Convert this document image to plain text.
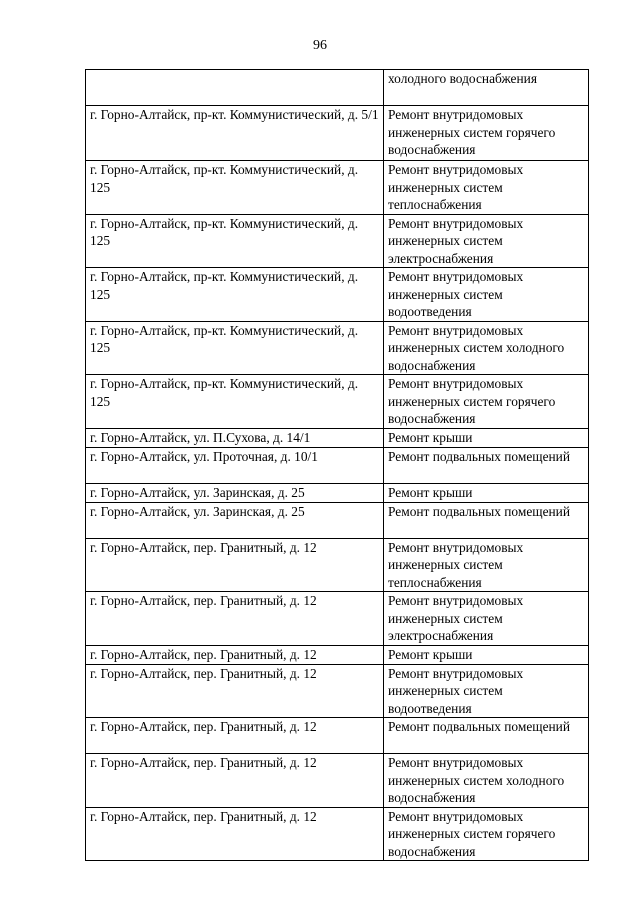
96
	холодного водоснабжения
г. Горно-Алтайск, пр-кт. Коммунистический, д. 5/1	Ремонт внутридомовых инженерных систем горячего водоснабжения
г. Горно-Алтайск, пр-кт. Коммунистический, д. 125	Ремонт внутридомовых инженерных систем теплоснабжения
г. Горно-Алтайск, пр-кт. Коммунистический, д. 125	Ремонт внутридомовых инженерных систем электроснабжения
г. Горно-Алтайск, пр-кт. Коммунистический, д. 125	Ремонт внутридомовых инженерных систем водоотведения
г. Горно-Алтайск, пр-кт. Коммунистический, д. 125	Ремонт внутридомовых инженерных систем холодного водоснабжения
г. Горно-Алтайск, пр-кт. Коммунистический, д. 125	Ремонт внутридомовых инженерных систем горячего водоснабжения
г. Горно-Алтайск, ул. П.Сухова, д. 14/1	Ремонт крыши
г. Горно-Алтайск, ул. Проточная, д. 10/1	Ремонт подвальных помещений
г. Горно-Алтайск, ул. Заринская, д. 25	Ремонт крыши
г. Горно-Алтайск, ул. Заринская, д. 25	Ремонт подвальных помещений
г. Горно-Алтайск, пер. Гранитный, д. 12	Ремонт внутридомовых инженерных систем теплоснабжения
г. Горно-Алтайск, пер. Гранитный, д. 12	Ремонт внутридомовых инженерных систем электроснабжения
г. Горно-Алтайск, пер. Гранитный, д. 12	Ремонт крыши
г. Горно-Алтайск, пер. Гранитный, д. 12	Ремонт внутридомовых инженерных систем водоотведения
г. Горно-Алтайск, пер. Гранитный, д. 12	Ремонт подвальных помещений
г. Горно-Алтайск, пер. Гранитный, д. 12	Ремонт внутридомовых инженерных систем холодного водоснабжения
г. Горно-Алтайск, пер. Гранитный, д. 12	Ремонт внутридомовых инженерных систем горячего водоснабжения
